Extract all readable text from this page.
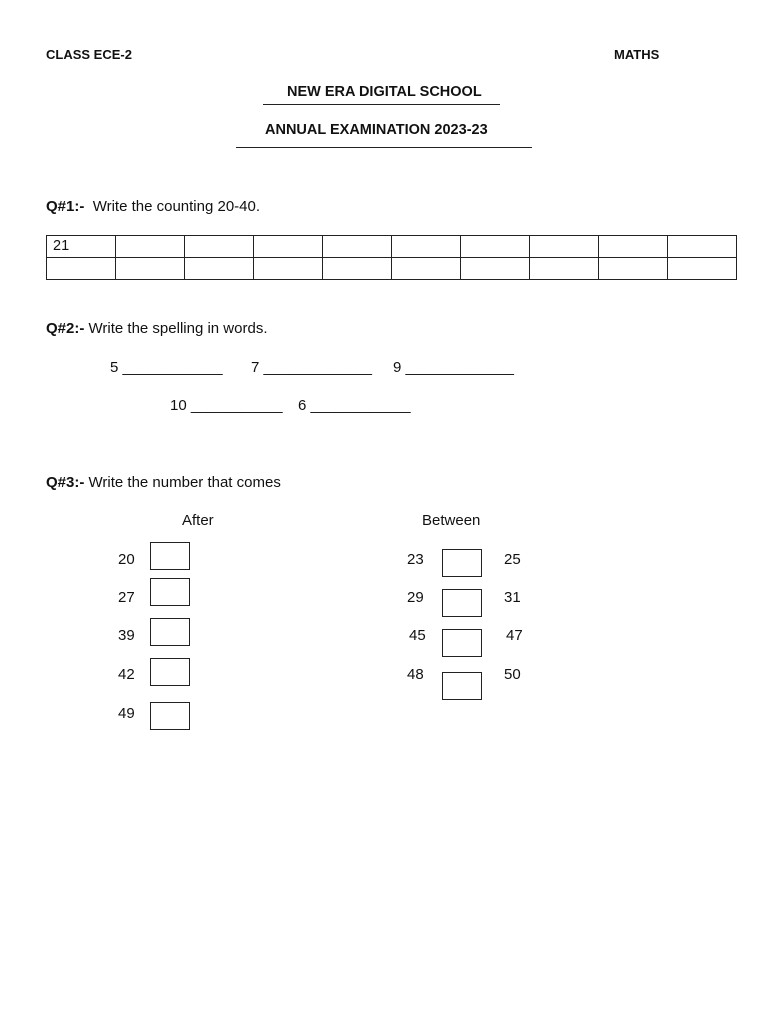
CLASS ECE-2	MATHS
NEW ERA DIGITAL SCHOOL
ANNUAL EXAMINATION 2023-23
Q#1:- Write the counting 20-40.
21									

Q#2:- Write the spelling in words.
5 ____________ 7 _____________ 9 _____________
10 ___________ 6 ____________
Q#3:- Write the number that comes
After	Between
20
27
39
42
49
23	25
29	31
45	47
48	50
